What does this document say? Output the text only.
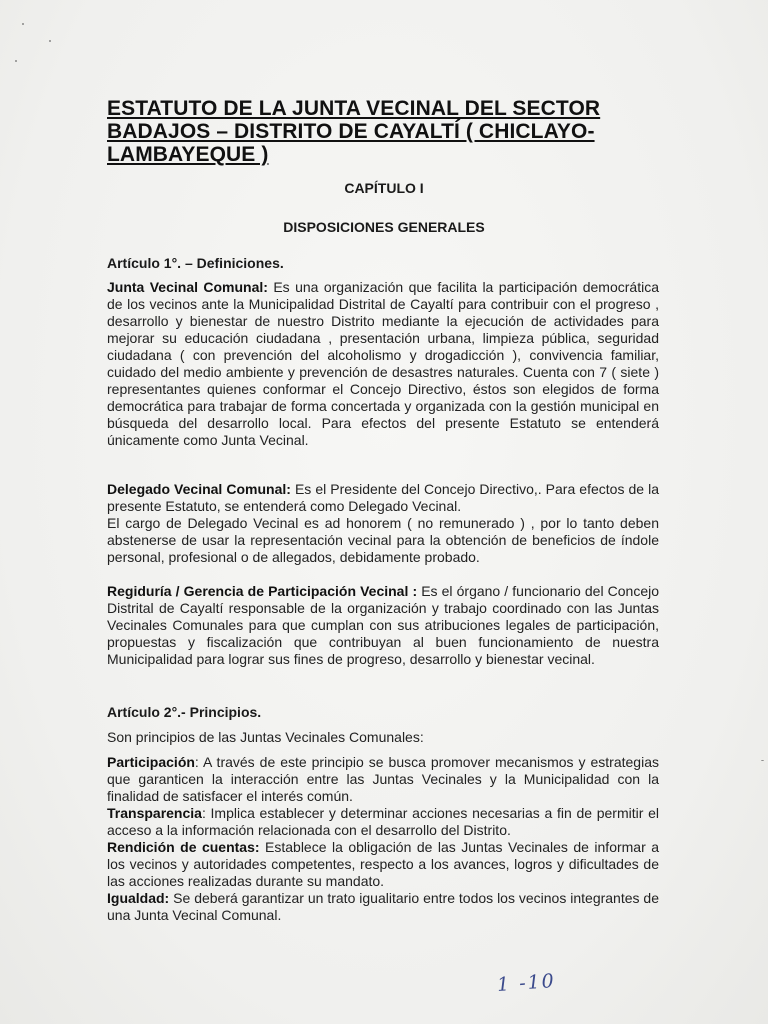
ESTATUTO DE LA JUNTA VECINAL DEL SECTOR BADAJOS – DISTRITO DE CAYALTÍ ( CHICLAYO- LAMBAYEQUE )
CAPÍTULO I
DISPOSICIONES GENERALES
Artículo 1°. – Definiciones.
Junta Vecinal Comunal: Es una organización que facilita la participación democrática de los vecinos ante la Municipalidad Distrital de Cayaltí para contribuir con el progreso , desarrollo y bienestar de nuestro Distrito mediante la ejecución de actividades para mejorar su educación ciudadana , presentación urbana, limpieza pública, seguridad ciudadana ( con prevención del alcoholismo y drogadicción ), convivencia familiar, cuidado del medio ambiente y prevención de desastres naturales. Cuenta con 7 ( siete ) representantes quienes conformar el Concejo Directivo, éstos son elegidos de forma democrática para trabajar de forma concertada y organizada con la gestión municipal en búsqueda del desarrollo local. Para efectos del presente Estatuto se entenderá únicamente como Junta Vecinal.
Delegado Vecinal Comunal: Es el Presidente del Concejo Directivo,. Para efectos de la presente Estatuto, se entenderá como Delegado Vecinal.
El cargo de Delegado Vecinal es ad honorem ( no remunerado ) , por lo tanto deben abstenerse de usar la representación vecinal para la obtención de beneficios de índole personal, profesional o de allegados, debidamente probado.
Regiduría / Gerencia de Participación Vecinal : Es el órgano / funcionario del Concejo Distrital de Cayaltí responsable de la organización y trabajo coordinado con las Juntas Vecinales Comunales para que cumplan con sus atribuciones legales de participación, propuestas y fiscalización que contribuyan al buen funcionamiento de nuestra Municipalidad para lograr sus fines de progreso, desarrollo y bienestar vecinal.
Artículo 2°.- Principios.
Son principios de las Juntas Vecinales Comunales:
Participación: A través de este principio se busca promover mecanismos y estrategias que garanticen la interacción entre las Juntas Vecinales y la Municipalidad con la finalidad de satisfacer el interés común.
Transparencia: Implica establecer y determinar acciones necesarias a fin de permitir el acceso a la información relacionada con el desarrollo del Distrito.
Rendición de cuentas: Establece la obligación de las Juntas Vecinales de informar a los vecinos y autoridades competentes, respecto a los avances, logros y dificultades de las acciones realizadas durante su mandato.
Igualdad: Se deberá garantizar un trato igualitario entre todos los vecinos integrantes de una Junta Vecinal Comunal.
1 -10
